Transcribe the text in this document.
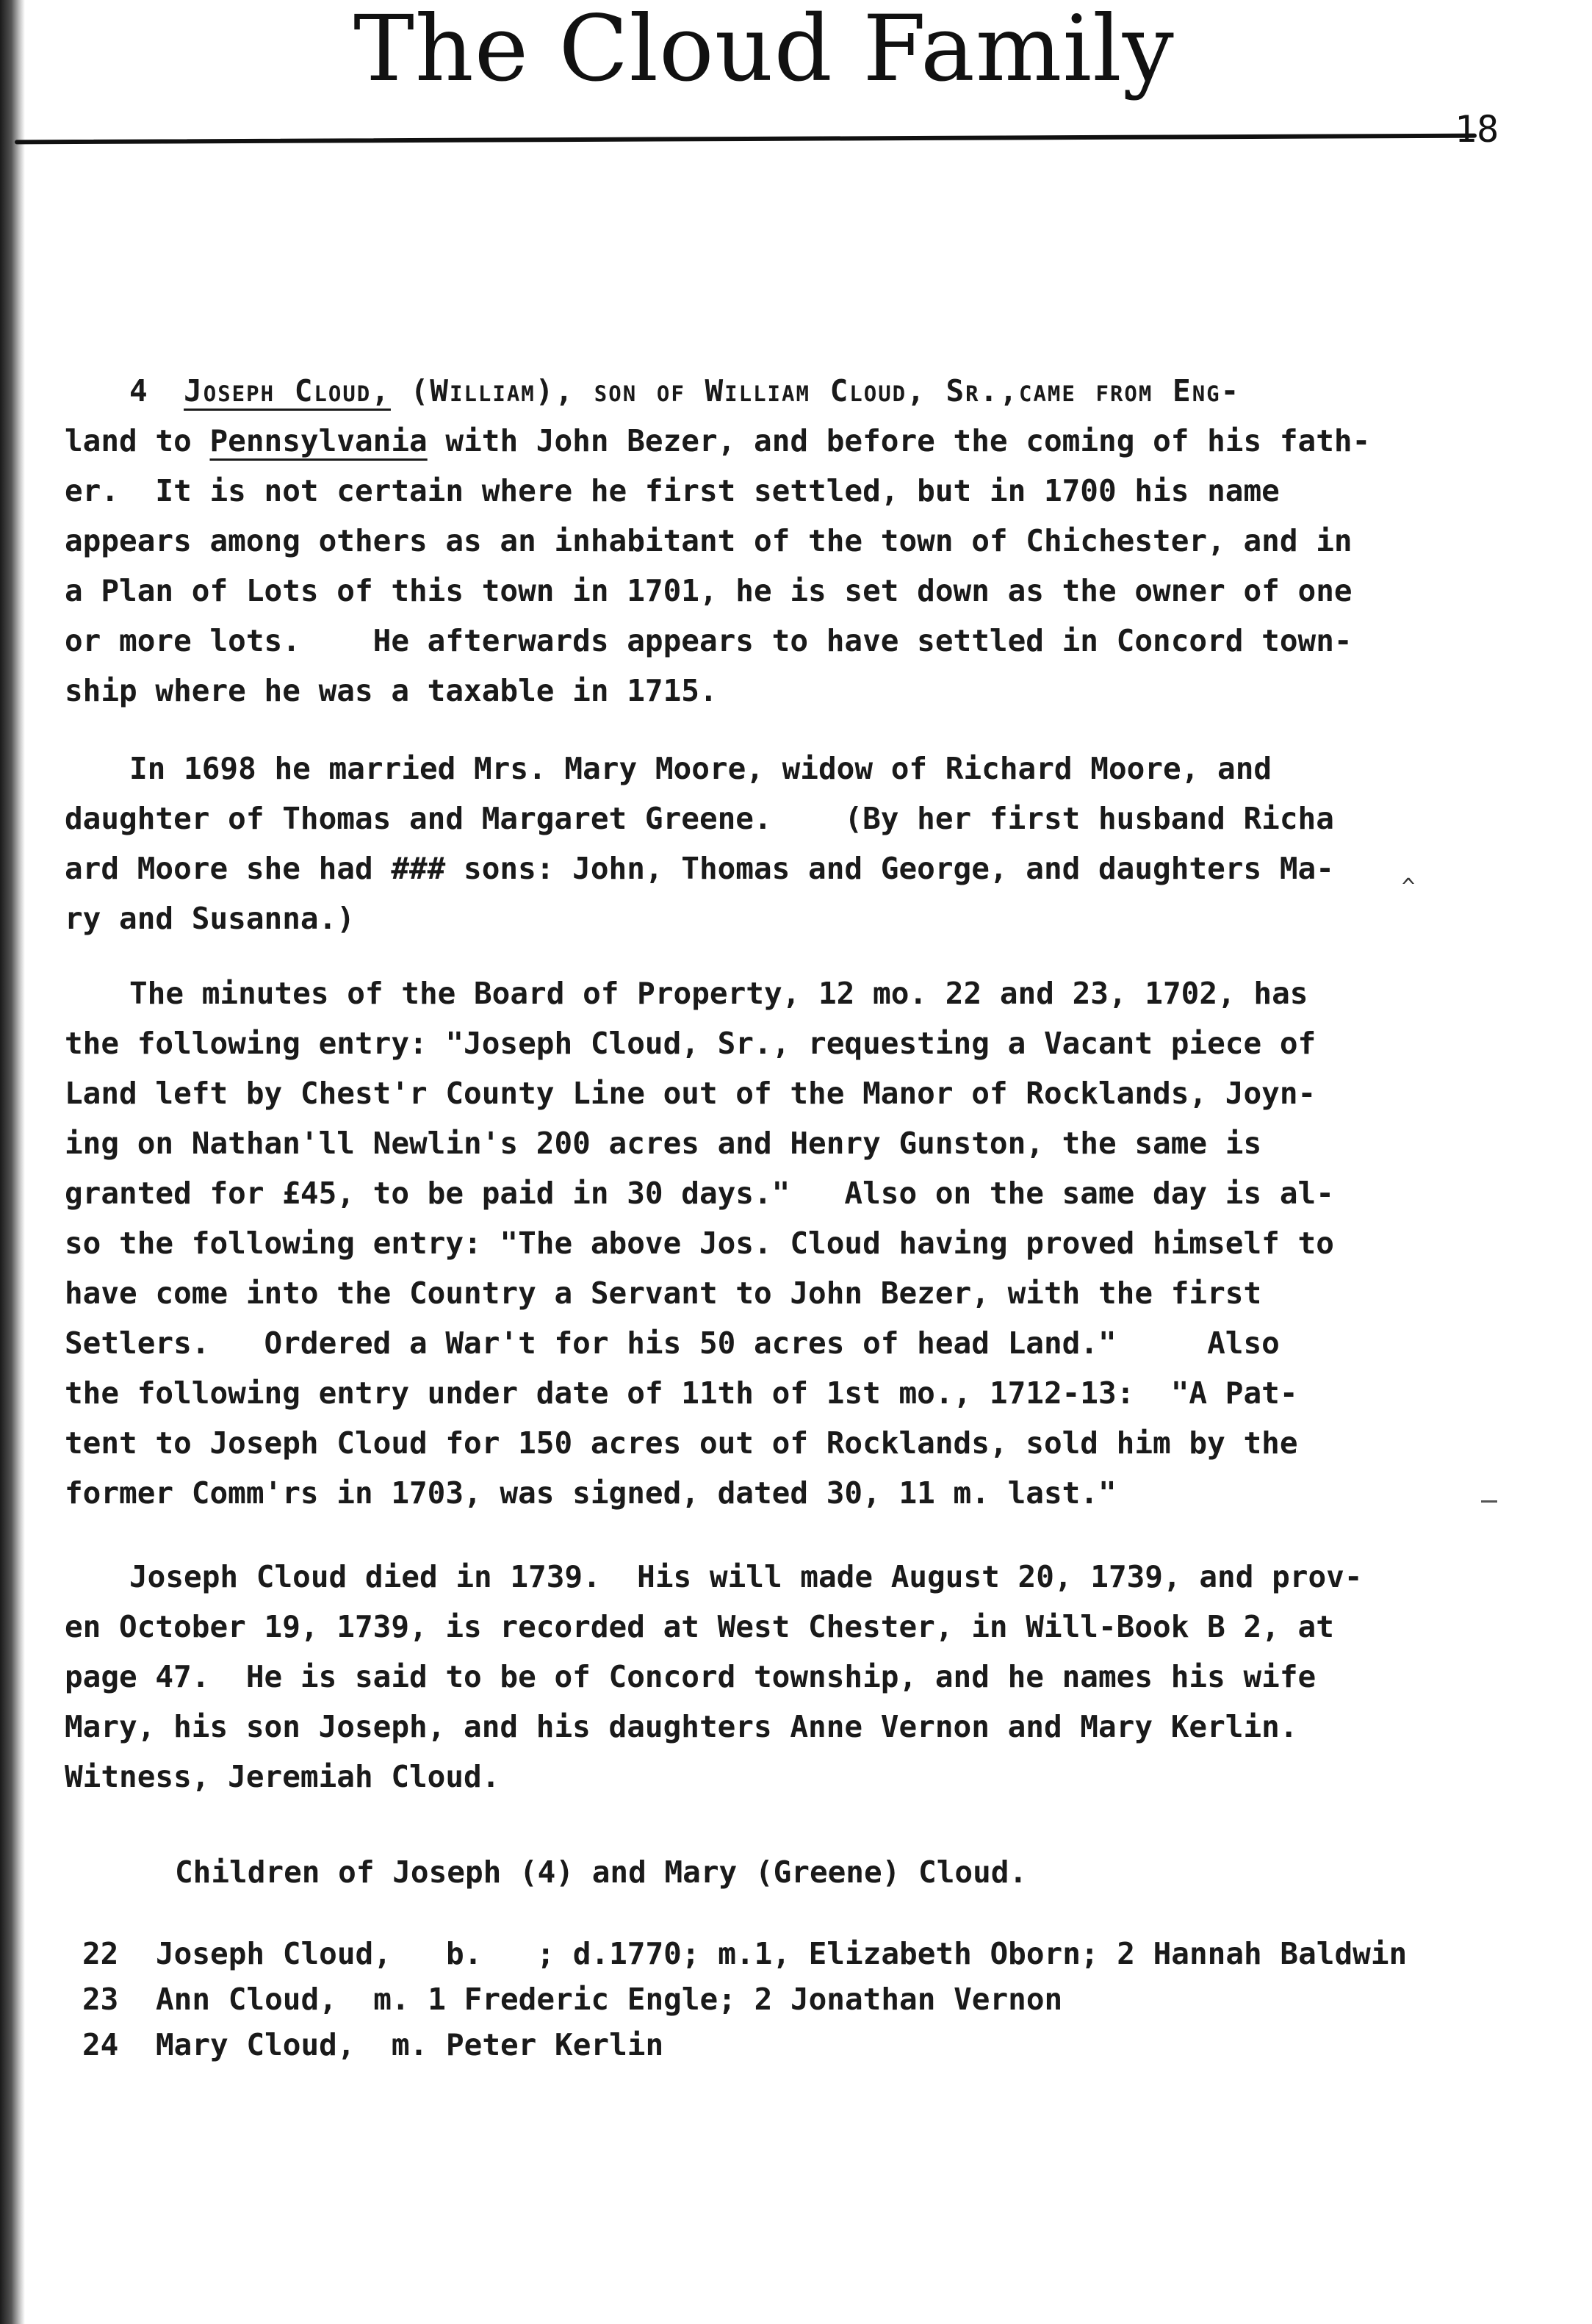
The Cloud Family
18
4 Joseph Cloud, (William), son of William Cloud, Sr.,came from Eng-
land to Pennsylvania with John Bezer, and before the coming of his fath-
er.  It is not certain where he first settled, but in 1700 his name
appears among others as an inhabitant of the town of Chichester, and in
a Plan of Lots of this town in 1701, he is set down as the owner of one
or more lots.    He afterwards appears to have settled in Concord town-
ship where he was a taxable in 1715.
In 1698 he married Mrs. Mary Moore, widow of Richard Moore, and
daughter of Thomas and Margaret Greene.    (By her first husband Richa
ard Moore she had ### sons: John, Thomas and George, and daughters Ma-
ry and Susanna.)
^
The minutes of the Board of Property, 12 mo. 22 and 23, 1702, has
the following entry: "Joseph Cloud, Sr., requesting a Vacant piece of
Land left by Chest'r County Line out of the Manor of Rocklands, Joyn-
ing on Nathan'll Newlin's 200 acres and Henry Gunston, the same is
granted for £45, to be paid in 30 days."   Also on the same day is al-
so the following entry: "The above Jos. Cloud having proved himself to
have come into the Country a Servant to John Bezer, with the first
Setlers.   Ordered a War't for his 50 acres of head Land."     Also
the following entry under date of 11th of 1st mo., 1712-13:  "A Pat-
tent to Joseph Cloud for 150 acres out of Rocklands, sold him by the
former Comm'rs in 1703, was signed, dated 30, 11 m. last."
Joseph Cloud died in 1739.  His will made August 20, 1739, and prov-
en October 19, 1739, is recorded at West Chester, in Will-Book B 2, at
page 47.  He is said to be of Concord township, and he names his wife
Mary, his son Joseph, and his daughters Anne Vernon and Mary Kerlin.
Witness, Jeremiah Cloud.
Children of Joseph (4) and Mary (Greene) Cloud.
22	Joseph Cloud,   b.   ; d.1770; m.1, Elizabeth Oborn; 2 Hannah Baldwin
23	Ann Cloud,  m. 1 Frederic Engle; 2 Jonathan Vernon
24	Mary Cloud,  m. Peter Kerlin
